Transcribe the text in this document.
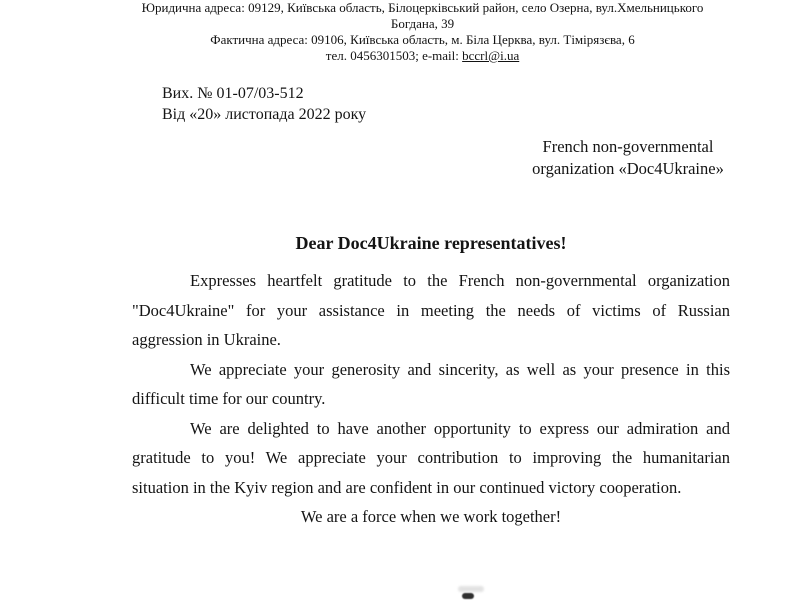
Юридична адреса: 09129, Київська область, Білоцерківський район, село Озерна, вул.Хмельницького
Богдана, 39
Фактична адреса: 09106, Київська область, м. Біла Церква, вул. Тімірязєва, 6
тел. 0456301503; e-mail: bccrl@i.ua
Вих. № 01-07/03-512
Від «20» листопада 2022 року
French non-governmental
organization «Doc4Ukraine»
Dear Doc4Ukraine representatives!
Expresses heartfelt gratitude to the French non-governmental organization
"Doc4Ukraine" for your assistance in meeting the needs of victims of Russian
aggression in Ukraine.
We appreciate your generosity and sincerity, as well as your presence in this
difficult time for our country.
We are delighted to have another opportunity to express our admiration and
gratitude to you! We appreciate your contribution to improving the humanitarian
situation in the Kyiv region and are confident in our continued victory cooperation.
We are a force when we work together!
